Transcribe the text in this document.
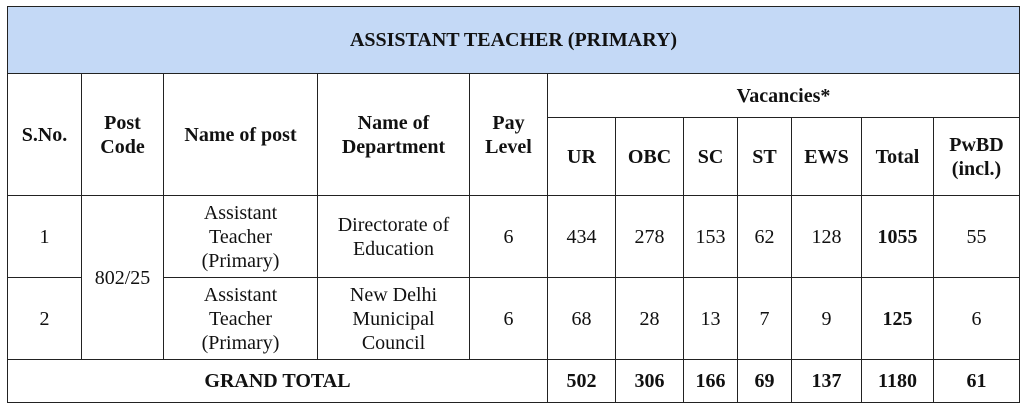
ASSISTANT TEACHER (PRIMARY)											
S.No.	Post Code	Name of post	Name of Department	Pay Level	Vacancies*						
					UR	OBC	SC	ST	EWS	Total	PwBD (incl.)

1	802/25	Assistant Teacher (Primary)	Directorate of Education	6	434	278	153	62	128	1055	55
2		Assistant Teacher (Primary)	New Delhi Municipal Council	6	68	28	13	7	9	125	6
GRAND TOTAL					502	306	166	69	137	1180	61
